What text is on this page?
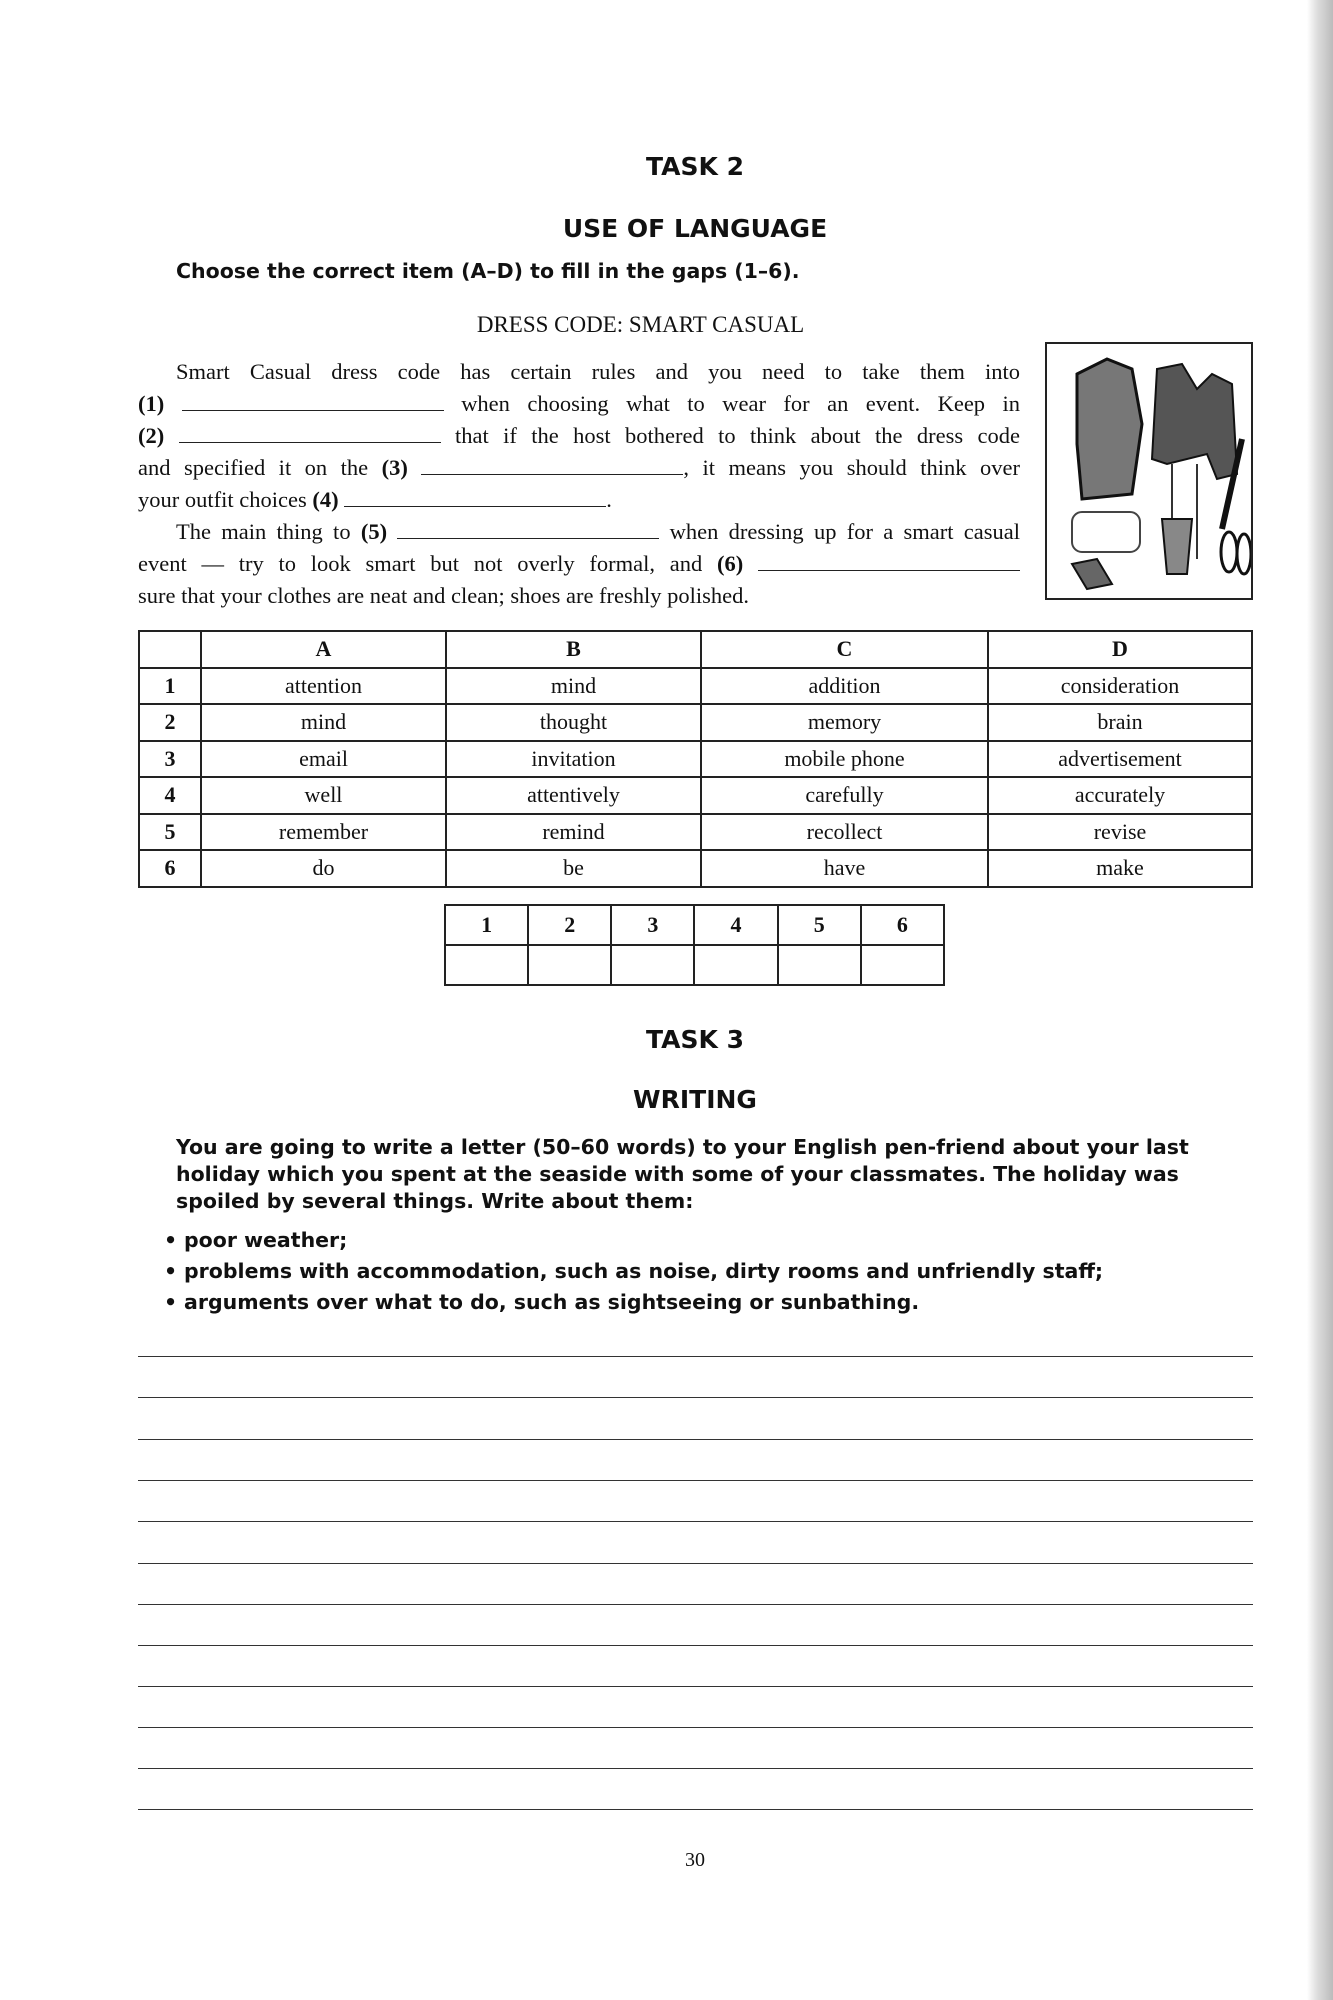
TASK 2
USE OF LANGUAGE
Choose the correct item (A–D) to fill in the gaps (1–6).
DRESS CODE: SMART CASUAL
Smart Casual dress code has certain rules and you need to take them into
(1)	when choosing what to wear for an event. Keep in
(2)	that if the host bothered to think about the dress code
and specified it on the (3)	, it means you should think over
your outfit choices (4)	.
The main thing to (5)	when dressing up for a smart casual
event — try to look smart but not overly formal, and (6)
sure that your clothes are neat and clean; shoes are freshly polished.
	A	B	C	D
1	attention	mind	addition	consideration
2	mind	thought	memory	brain
3	email	invitation	mobile phone	advertisement
4	well	attentively	carefully	accurately
5	remember	remind	recollect	revise
6	do	be	have	make
1	2	3	4	5	6

TASK 3
WRITING
You are going to write a letter (50–60 words) to your English pen-friend about your last holiday which you spent at the seaside with some of your classmates. The holiday was spoiled by several things. Write about them:
• poor weather;
• problems with accommodation, such as noise, dirty rooms and unfriendly staff;
• arguments over what to do, such as sightseeing or sunbathing.
30
